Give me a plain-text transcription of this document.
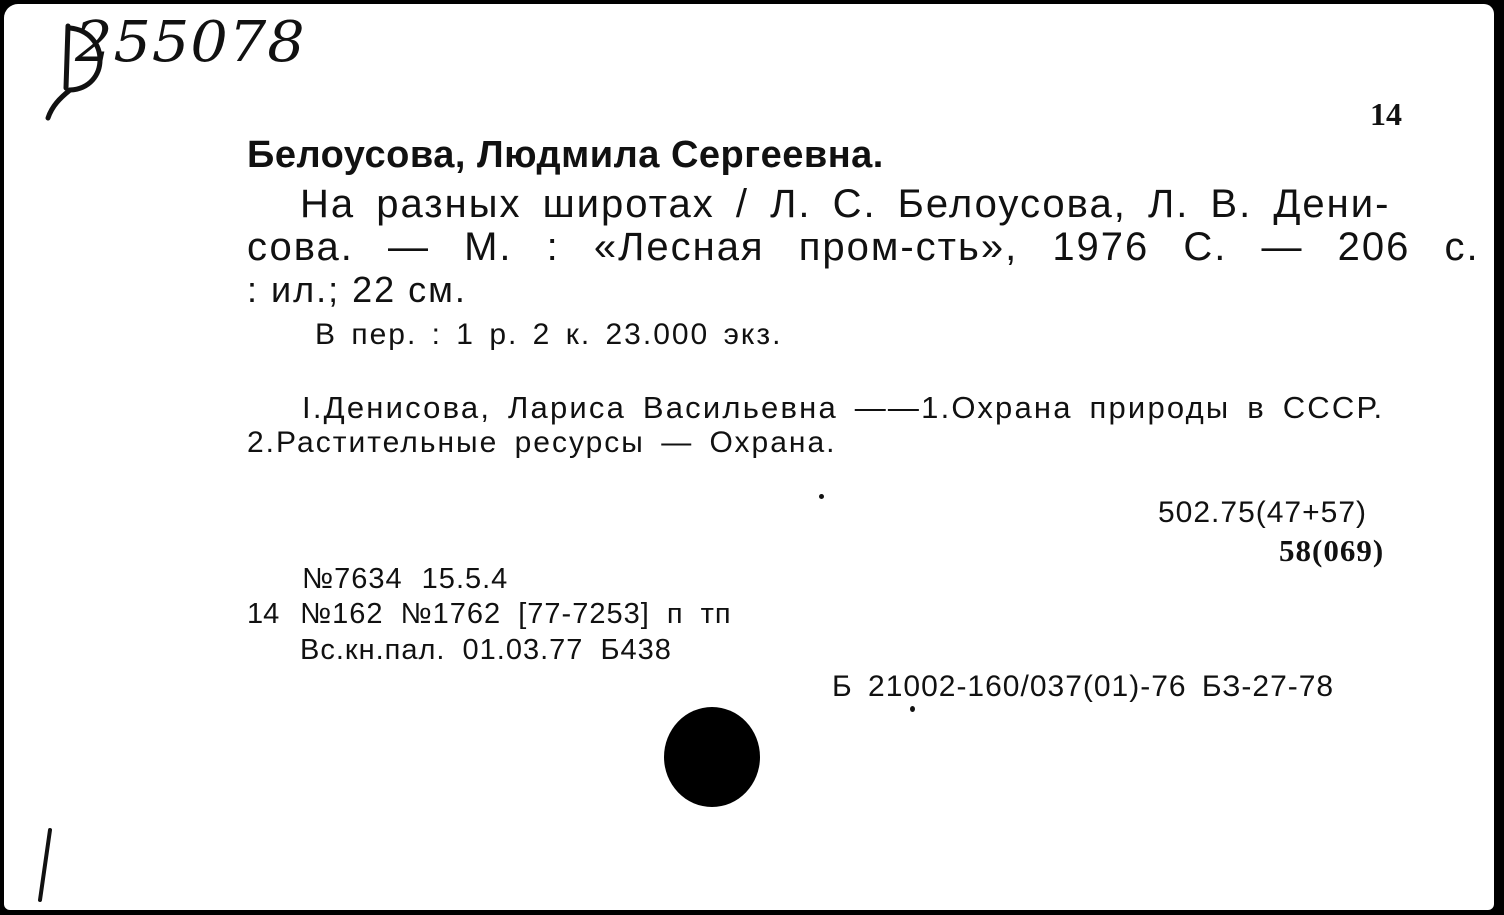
255078
14
Белоусова, Людмила Сергеевна.
На разных широтах / Л. С. Белоусова, Л. В. Дени-
сова. — М. : «Лесная пром-сть», 1976 С. — 206 с.
: ил.; 22 см.
В пер. : 1 р. 2 к. 23.000 экз.
I.Денисова, Лариса Васильевна ——1.Охрана природы в СССР.
2.Растительные ресурсы — Охрана.
502.75(47+57)
58(069)
№7634 15.5.4
14 №162 №1762 [77-7253] п тп
Вс.кн.пал. 01.03.77 Б438
Б 21002-160/037(01)-76 БЗ-27-78
